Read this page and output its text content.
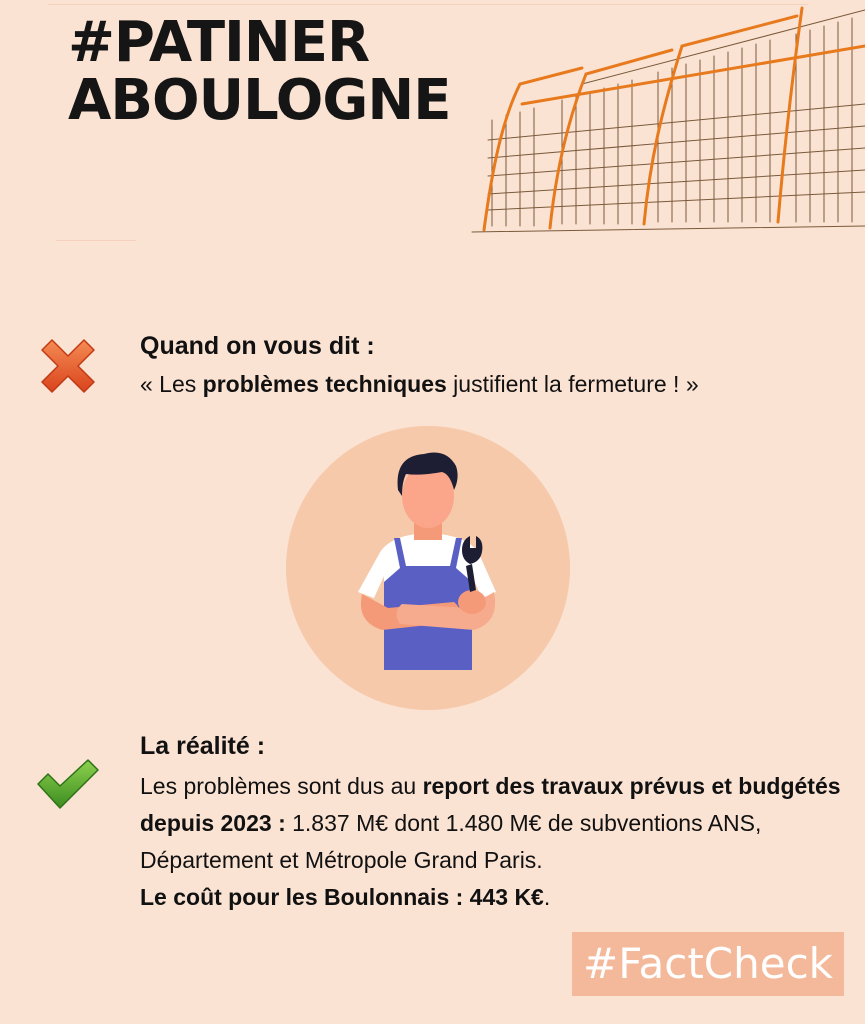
#PATINER
ABOULOGNE
Quand on vous dit :
« Les problèmes techniques justifient la fermeture ! »
La réalité :
Les problèmes sont dus au report des travaux prévus et budgétés depuis 2023 : 1.837 M€ dont 1.480 M€ de subventions ANS, Département et Métropole Grand Paris.
Le coût pour les Boulonnais : 443 K€.
#FactCheck
